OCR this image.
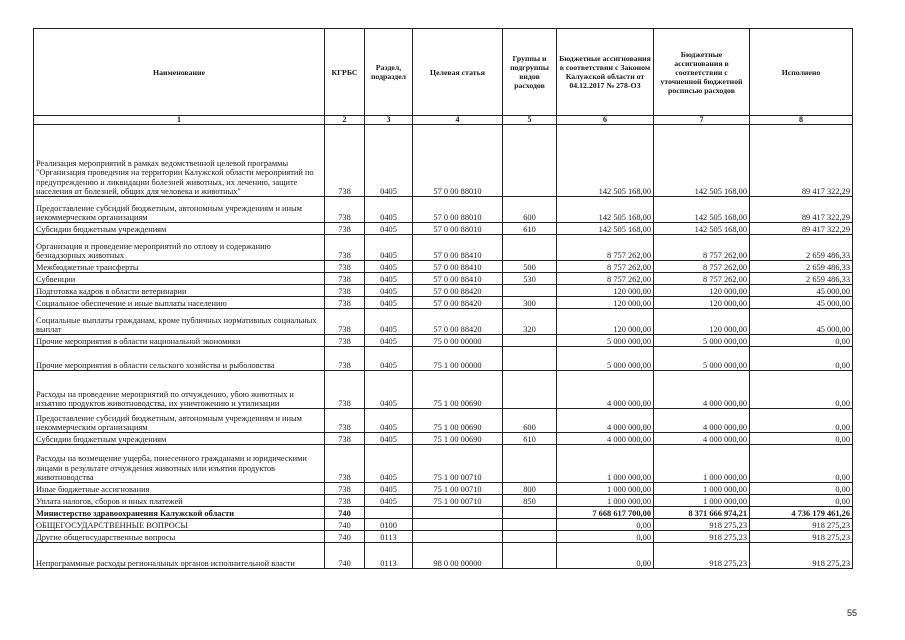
Наименование	КГРБС	Раздел, подраздел	Целевая статья	Группы и подгруппы видов расходов	Бюджетные ассигнования в соответствии с Законом Калужской области от 04.12.2017 № 278-ОЗ	Бюджетные ассигнования в соответствии с уточненной бюджетной росписью расходов	Исполнено
1	2	3	4	5	6	7	8
Реализация мероприятий в рамках ведомственной целевой программы "Организация проведения на территории Калужской области мероприятий по предупреждению и ликвидации болезней животных, их лечению, защите населения от болезней, общих для человека и животных"	738	0405	57 0 00 88010		142 505 168,00	142 505 168,00	89 417 322,29
Предоставление субсидий бюджетным, автономным учреждениям и иным некоммерческим организациям	738	0405	57 0 00 88010	600	142 505 168,00	142 505 168,00	89 417 322,29
Субсидии бюджетным учреждениям	738	0405	57 0 00 88010	610	142 505 168,00	142 505 168,00	89 417 322,29
Организация и проведение мероприятий по отлову и содержанию безнадзорных животных	738	0405	57 0 00 88410		8 757 262,00	8 757 262,00	2 659 486,33
Межбюджетные трансферты	738	0405	57 0 00 88410	500	8 757 262,00	8 757 262,00	2 659 486,33
Субвенции	738	0405	57 0 00 88410	530	8 757 262,00	8 757 262,00	2 659 486,33
Подготовка кадров в области ветеринарии	738	0405	57 0 00 88420		120 000,00	120 000,00	45 000,00
Социальное обеспечение и иные выплаты населению	738	0405	57 0 00 88420	300	120 000,00	120 000,00	45 000,00
Социальные выплаты гражданам, кроме публичных нормативных социальных выплат	738	0405	57 0 00 88420	320	120 000,00	120 000,00	45 000,00
Прочие мероприятия в области национальной экономики	738	0405	75 0 00 00000		5 000 000,00	5 000 000,00	0,00
Прочие мероприятия в области сельского хозяйства и рыболовства	738	0405	75 1 00 00000		5 000 000,00	5 000 000,00	0,00
Расходы на проведение мероприятий по отчуждению, убою животных и изъятию продуктов животноводства, их уничтожению и утилизации	738	0405	75 1 00 00690		4 000 000,00	4 000 000,00	0,00
Предоставление субсидий бюджетным, автономным учреждениям и иным некоммерческим организациям	738	0405	75 1 00 00690	600	4 000 000,00	4 000 000,00	0,00
Субсидии бюджетным учреждениям	738	0405	75 1 00 00690	610	4 000 000,00	4 000 000,00	0,00
Расходы на возмещение ущерба, понесенного гражданами и юридическими лицами в результате отчуждения животных или изъятия продуктов животноводства	738	0405	75 1 00 00710		1 000 000,00	1 000 000,00	0,00
Иные бюджетные ассигнования	738	0405	75 1 00 00710	800	1 000 000,00	1 000 000,00	0,00
Уплата налогов, сборов и иных платежей	738	0405	75 1 00 00710	850	1 000 000,00	1 000 000,00	0,00
Министерство здравоохранения Калужской области	740				7 668 617 700,00	8 371 666 974,21	4 736 179 461,26
ОБЩЕГОСУДАРСТВЕННЫЕ ВОПРОСЫ	740	0100			0,00	918 275,23	918 275,23
Другие общегосударственные вопросы	740	0113			0,00	918 275,23	918 275,23
Непрограммные расходы региональных органов исполнительной власти	740	0113	98 0 00 00000		0,00	918 275,23	918 275,23
55
